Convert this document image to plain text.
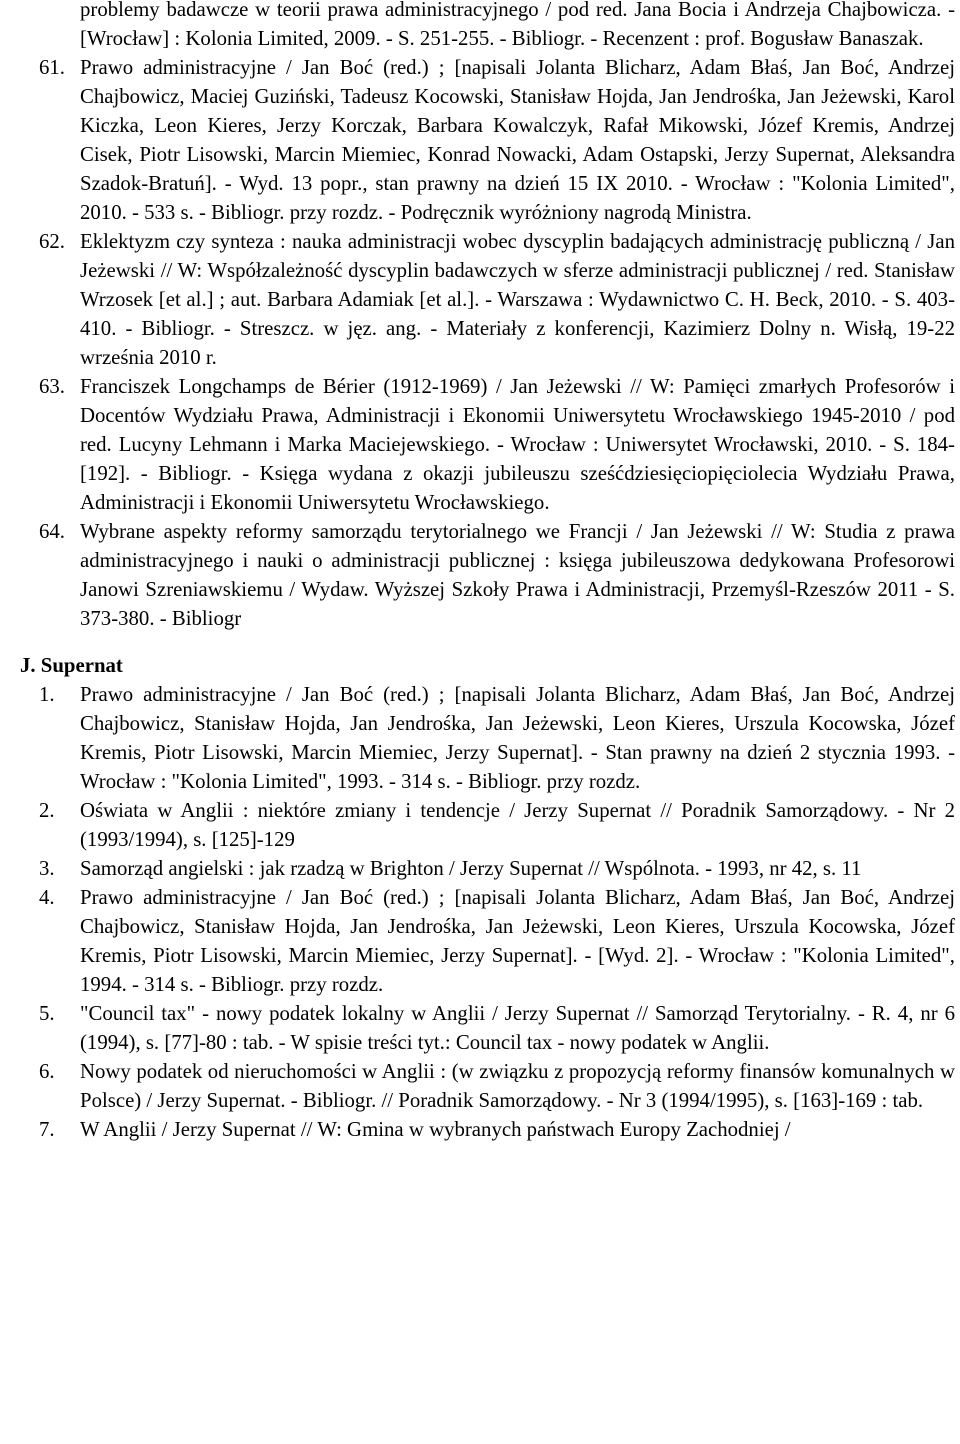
problemy badawcze w teorii prawa administracyjnego / pod red. Jana Bocia i Andrzeja Chajbowicza. - [Wrocław] : Kolonia Limited, 2009. - S. 251-255. - Bibliogr. - Recenzent : prof. Bogusław Banaszak.
61. Prawo administracyjne / Jan Boć (red.) ; [napisali Jolanta Blicharz, Adam Błaś, Jan Boć, Andrzej Chajbowicz, Maciej Guziński, Tadeusz Kocowski, Stanisław Hojda, Jan Jendrośka, Jan Jeżewski, Karol Kiczka, Leon Kieres, Jerzy Korczak, Barbara Kowalczyk, Rafał Mikowski, Józef Kremis, Andrzej Cisek, Piotr Lisowski, Marcin Miemiec, Konrad Nowacki, Adam Ostapski, Jerzy Supernat, Aleksandra Szadok-Bratuń]. - Wyd. 13 popr., stan prawny na dzień 15 IX 2010. - Wrocław : "Kolonia Limited", 2010. - 533 s. - Bibliogr. przy rozdz. - Podręcznik wyróżniony nagrodą Ministra.
62. Eklektyzm czy synteza : nauka administracji wobec dyscyplin badających administrację publiczną / Jan Jeżewski // W: Współzależność dyscyplin badawczych w sferze administracji publicznej / red. Stanisław Wrzosek [et al.] ; aut. Barbara Adamiak [et al.]. - Warszawa : Wydawnictwo C. H. Beck, 2010. - S. 403-410. - Bibliogr. - Streszcz. w jęz. ang. - Materiały z konferencji, Kazimierz Dolny n. Wisłą, 19-22 września 2010 r.
63. Franciszek Longchamps de Bérier (1912-1969) / Jan Jeżewski // W: Pamięci zmarłych Profesorów i Docentów Wydziału Prawa, Administracji i Ekonomii Uniwersytetu Wrocławskiego 1945-2010 / pod red. Lucyny Lehmann i Marka Maciejewskiego. - Wrocław : Uniwersytet Wrocławski, 2010. - S. 184-[192]. - Bibliogr. - Księga wydana z okazji jubileuszu sześćdziesięciopięciolecia Wydziału Prawa, Administracji i Ekonomii Uniwersytetu Wrocławskiego.
64. Wybrane aspekty reformy samorządu terytorialnego we Francji / Jan Jeżewski // W: Studia z prawa administracyjnego i nauki o administracji publicznej : księga jubileuszowa dedykowana Profesorowi Janowi Szreniawskiemu / Wydaw. Wyższej Szkoły Prawa i Administracji, Przemyśl-Rzeszów 2011 - S. 373-380. - Bibliogr
J. Supernat
1. Prawo administracyjne / Jan Boć (red.) ; [napisali Jolanta Blicharz, Adam Błaś, Jan Boć, Andrzej Chajbowicz, Stanisław Hojda, Jan Jendrośka, Jan Jeżewski, Leon Kieres, Urszula Kocowska, Józef Kremis, Piotr Lisowski, Marcin Miemiec, Jerzy Supernat]. - Stan prawny na dzień 2 stycznia 1993. - Wrocław : "Kolonia Limited", 1993. - 314 s. - Bibliogr. przy rozdz.
2. Oświata w Anglii : niektóre zmiany i tendencje / Jerzy Supernat // Poradnik Samorządowy. - Nr 2 (1993/1994), s. [125]-129
3. Samorząd angielski : jak rzadzą w Brighton / Jerzy Supernat // Wspólnota. - 1993, nr 42, s. 11
4. Prawo administracyjne / Jan Boć (red.) ; [napisali Jolanta Blicharz, Adam Błaś, Jan Boć, Andrzej Chajbowicz, Stanisław Hojda, Jan Jendrośka, Jan Jeżewski, Leon Kieres, Urszula Kocowska, Józef Kremis, Piotr Lisowski, Marcin Miemiec, Jerzy Supernat]. - [Wyd. 2]. - Wrocław : "Kolonia Limited", 1994. - 314 s. - Bibliogr. przy rozdz.
5. "Council tax" - nowy podatek lokalny w Anglii / Jerzy Supernat // Samorząd Terytorialny. - R. 4, nr 6 (1994), s. [77]-80 : tab. - W spisie treści tyt.: Council tax - nowy podatek w Anglii.
6. Nowy podatek od nieruchomości w Anglii : (w związku z propozycją reformy finansów komunalnych w Polsce) / Jerzy Supernat. - Bibliogr. // Poradnik Samorządowy. - Nr 3 (1994/1995), s. [163]-169 : tab.
7. W Anglii / Jerzy Supernat // W: Gmina w wybranych państwach Europy Zachodniej /
